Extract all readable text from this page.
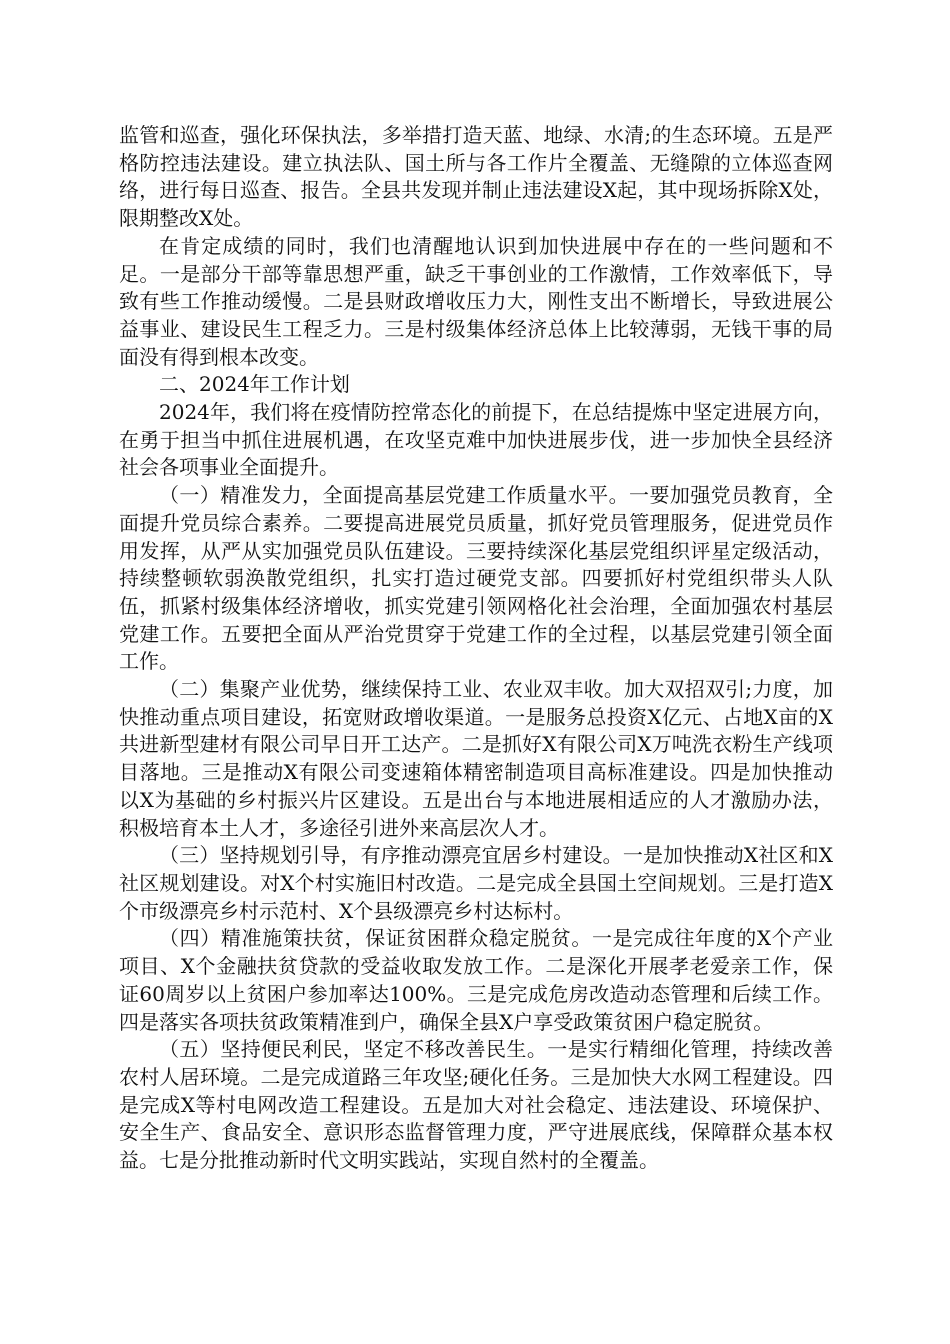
监管和巡查，强化环保执法，多举措打造天蓝、地绿、水清;的生态环境。五是严格防控违法建设。建立执法队、国土所与各工作片全覆盖、无缝隙的立体巡查网络，进行每日巡查、报告。全县共发现并制止违法建设X起，其中现场拆除X处，限期整改X处。

在肯定成绩的同时，我们也清醒地认识到加快进展中存在的一些问题和不足。一是部分干部等靠思想严重，缺乏干事创业的工作激情，工作效率低下，导致有些工作推动缓慢。二是县财政增收压力大，刚性支出不断增长，导致进展公益事业、建设民生工程乏力。三是村级集体经济总体上比较薄弱，无钱干事的局面没有得到根本改变。

二、2024年工作计划

2024年，我们将在疫情防控常态化的前提下，在总结提炼中坚定进展方向，在勇于担当中抓住进展机遇，在攻坚克难中加快进展步伐，进一步加快全县经济社会各项事业全面提升。

（一）精准发力，全面提高基层党建工作质量水平。一要加强党员教育，全面提升党员综合素养。二要提高进展党员质量，抓好党员管理服务，促进党员作用发挥，从严从实加强党员队伍建设。三要持续深化基层党组织评星定级活动，持续整顿软弱涣散党组织，扎实打造过硬党支部。四要抓好村党组织带头人队伍，抓紧村级集体经济增收，抓实党建引领网格化社会治理，全面加强农村基层党建工作。五要把全面从严治党贯穿于党建工作的全过程，以基层党建引领全面工作。

（二）集聚产业优势，继续保持工业、农业双丰收。加大双招双引;力度，加快推动重点项目建设，拓宽财政增收渠道。一是服务总投资X亿元、占地X亩的X共进新型建材有限公司早日开工达产。二是抓好X有限公司X万吨洗衣粉生产线项目落地。三是推动X有限公司变速箱体精密制造项目高标准建设。四是加快推动以X为基础的乡村振兴片区建设。五是出台与本地进展相适应的人才激励办法，积极培育本土人才，多途径引进外来高层次人才。

（三）坚持规划引导，有序推动漂亮宜居乡村建设。一是加快推动X社区和X社区规划建设。对X个村实施旧村改造。二是完成全县国土空间规划。三是打造X个市级漂亮乡村示范村、X个县级漂亮乡村达标村。

（四）精准施策扶贫，保证贫困群众稳定脱贫。一是完成往年度的X个产业项目、X个金融扶贫贷款的受益收取发放工作。二是深化开展孝老爱亲工作，保证60周岁以上贫困户参加率达100%。三是完成危房改造动态管理和后续工作。四是落实各项扶贫政策精准到户，确保全县X户享受政策贫困户稳定脱贫。

（五）坚持便民利民，坚定不移改善民生。一是实行精细化管理，持续改善农村人居环境。二是完成道路三年攻坚;硬化任务。三是加快大水网工程建设。四是完成X等村电网改造工程建设。五是加大对社会稳定、违法建设、环境保护、安全生产、食品安全、意识形态监督管理力度，严守进展底线，保障群众基本权益。七是分批推动新时代文明实践站，实现自然村的全覆盖。
